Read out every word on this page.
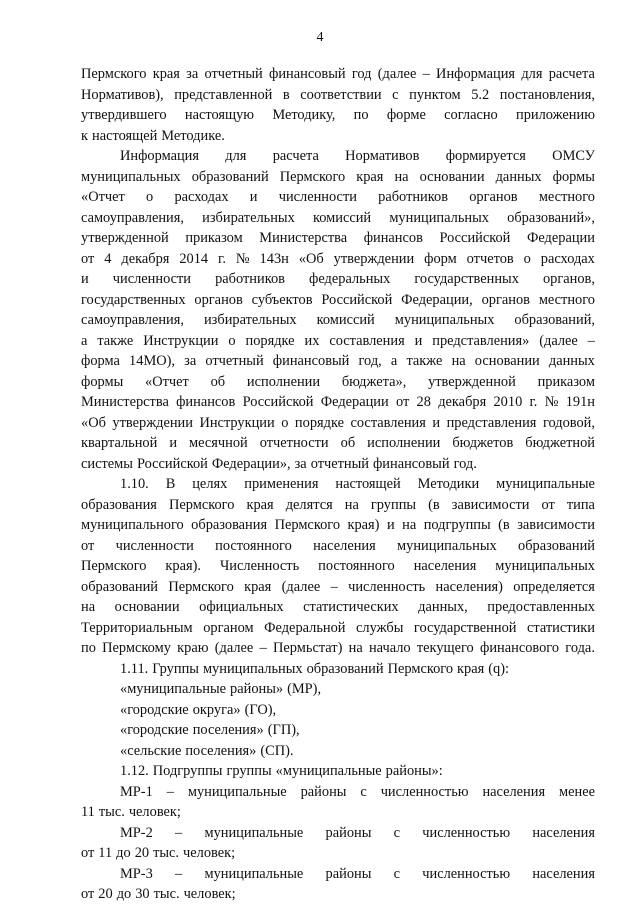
4
Пермского края за отчетный финансовый год (далее – Информация для расчета
Нормативов), представленной в соответствии с пунктом 5.2 постановления,
утвердившего настоящую Методику, по форме согласно приложению
к настоящей Методике.
Информация для расчета Нормативов формируется ОМСУ
муниципальных образований Пермского края на основании данных формы
«Отчет о расходах и численности работников органов местного
самоуправления, избирательных комиссий муниципальных образований»,
утвержденной приказом Министерства финансов Российской Федерации
от 4 декабря 2014 г. № 143н «Об утверждении форм отчетов о расходах
и численности работников федеральных государственных органов,
государственных органов субъектов Российской Федерации, органов местного
самоуправления, избирательных комиссий муниципальных образований,
а также Инструкции о порядке их составления и представления» (далее –
форма 14МО), за отчетный финансовый год, а также на основании данных
формы «Отчет об исполнении бюджета», утвержденной приказом
Министерства финансов Российской Федерации от 28 декабря 2010 г. № 191н
«Об утверждении Инструкции о порядке составления и представления годовой,
квартальной и месячной отчетности об исполнении бюджетов бюджетной
системы Российской Федерации», за отчетный финансовый год.
1.10. В целях применения настоящей Методики муниципальные
образования Пермского края делятся на группы (в зависимости от типа
муниципального образования Пермского края) и на подгруппы (в зависимости
от численности постоянного населения муниципальных образований
Пермского края). Численность постоянного населения муниципальных
образований Пермского края (далее – численность населения) определяется
на основании официальных статистических данных, предоставленных
Территориальным органом Федеральной службы государственной статистики
по Пермскому краю (далее – Пермьстат) на начало текущего финансового года.
1.11. Группы муниципальных образований Пермского края (q):
«муниципальные районы» (МР),
«городские округа» (ГО),
«городские поселения» (ГП),
«сельские поселения» (СП).
1.12. Подгруппы группы «муниципальные районы»:
МР-1 – муниципальные районы с численностью населения менее
11 тыс. человек;
МР-2 – муниципальные районы с численностью населения
от 11 до 20 тыс. человек;
МР-3 – муниципальные районы с численностью населения
от 20 до 30 тыс. человек;
